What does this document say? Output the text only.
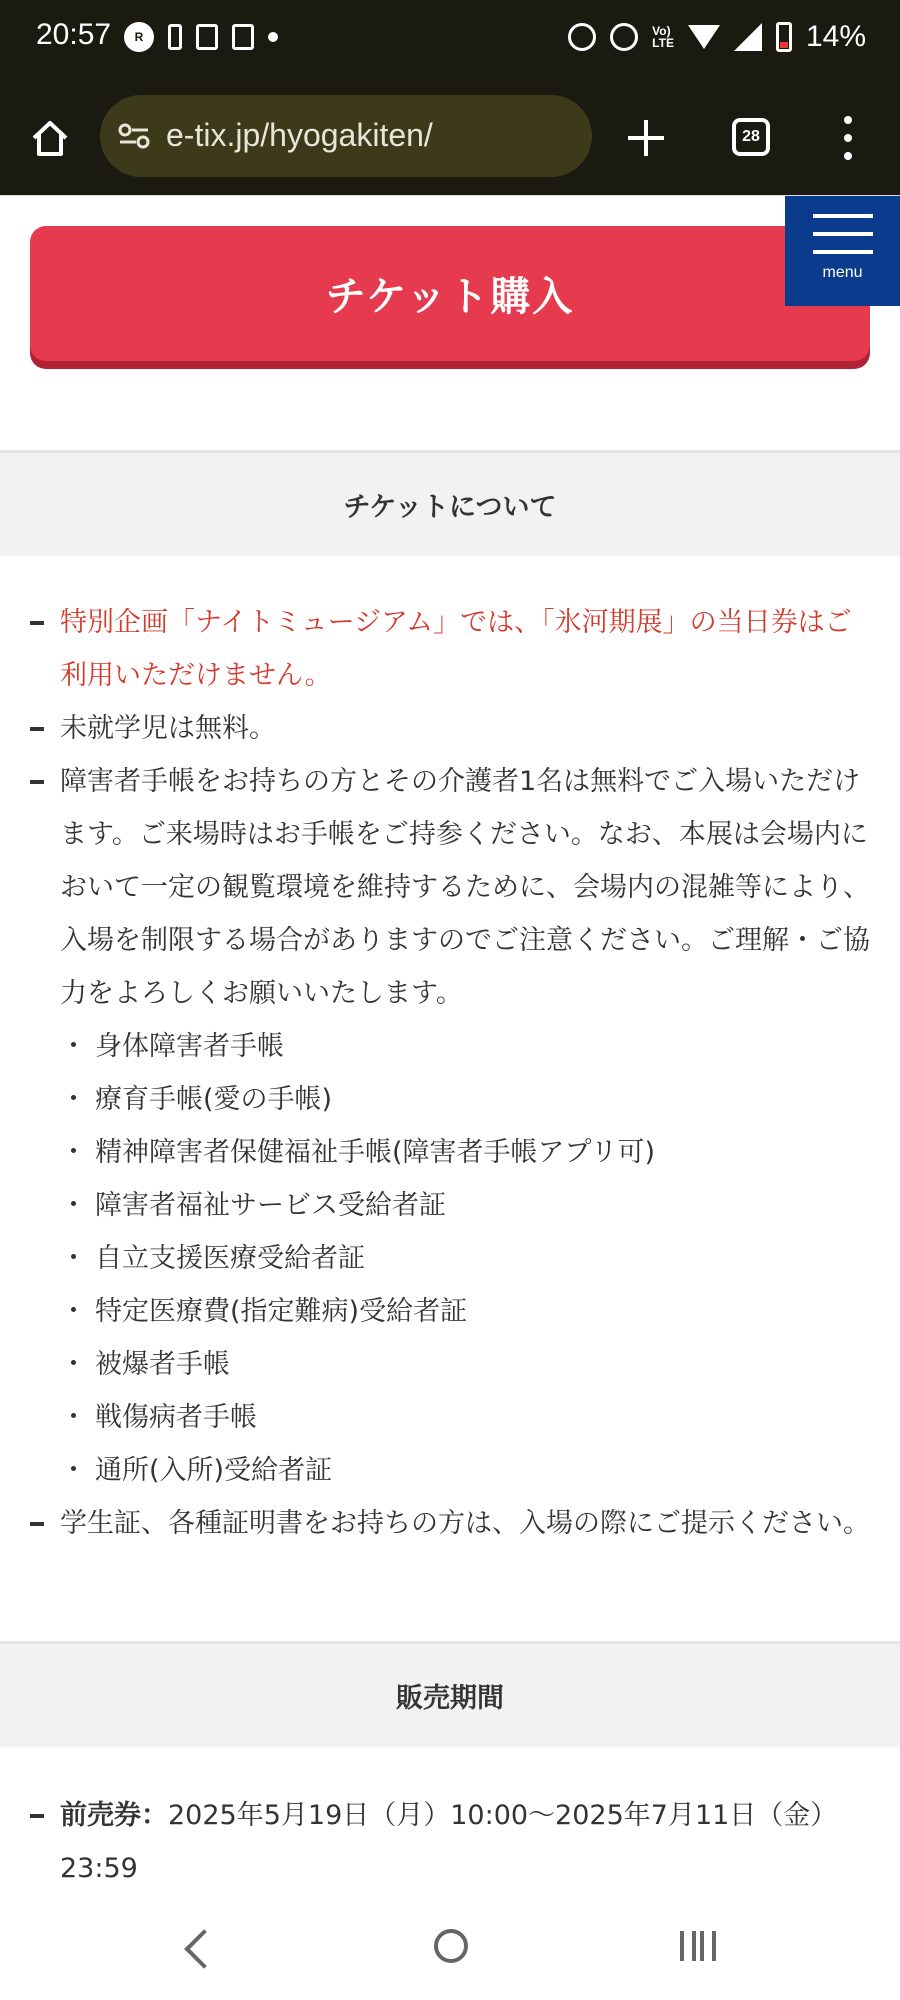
20:57	R	Vo)
LTE	14%
e-tix.jp/hyogakiten/	28
チケット購入
menu
チケットについて
特別企画「ナイトミュージアム」では、「氷河期展」の当日券はご利用いただけません。
未就学児は無料。
障害者手帳をお持ちの方とその介護者1名は無料でご入場いただけます。ご来場時はお手帳をご持参ください。なお、本展は会場内において一定の観覧環境を維持するために、会場内の混雑等により、入場を制限する場合がありますのでご注意ください。ご理解・ご協力をよろしくお願いいたします。
・ 身体障害者手帳
・ 療育手帳(愛の手帳)
・ 精神障害者保健福祉手帳(障害者手帳アプリ可)
・ 障害者福祉サービス受給者証
・ 自立支援医療受給者証
・ 特定医療費(指定難病)受給者証
・ 被爆者手帳
・ 戦傷病者手帳
・ 通所(入所)受給者証
学生証、各種証明書をお持ちの方は、入場の際にご提示ください。
販売期間
前売券：2025年5月19日（月）10:00〜2025年7月11日（金）23:59
